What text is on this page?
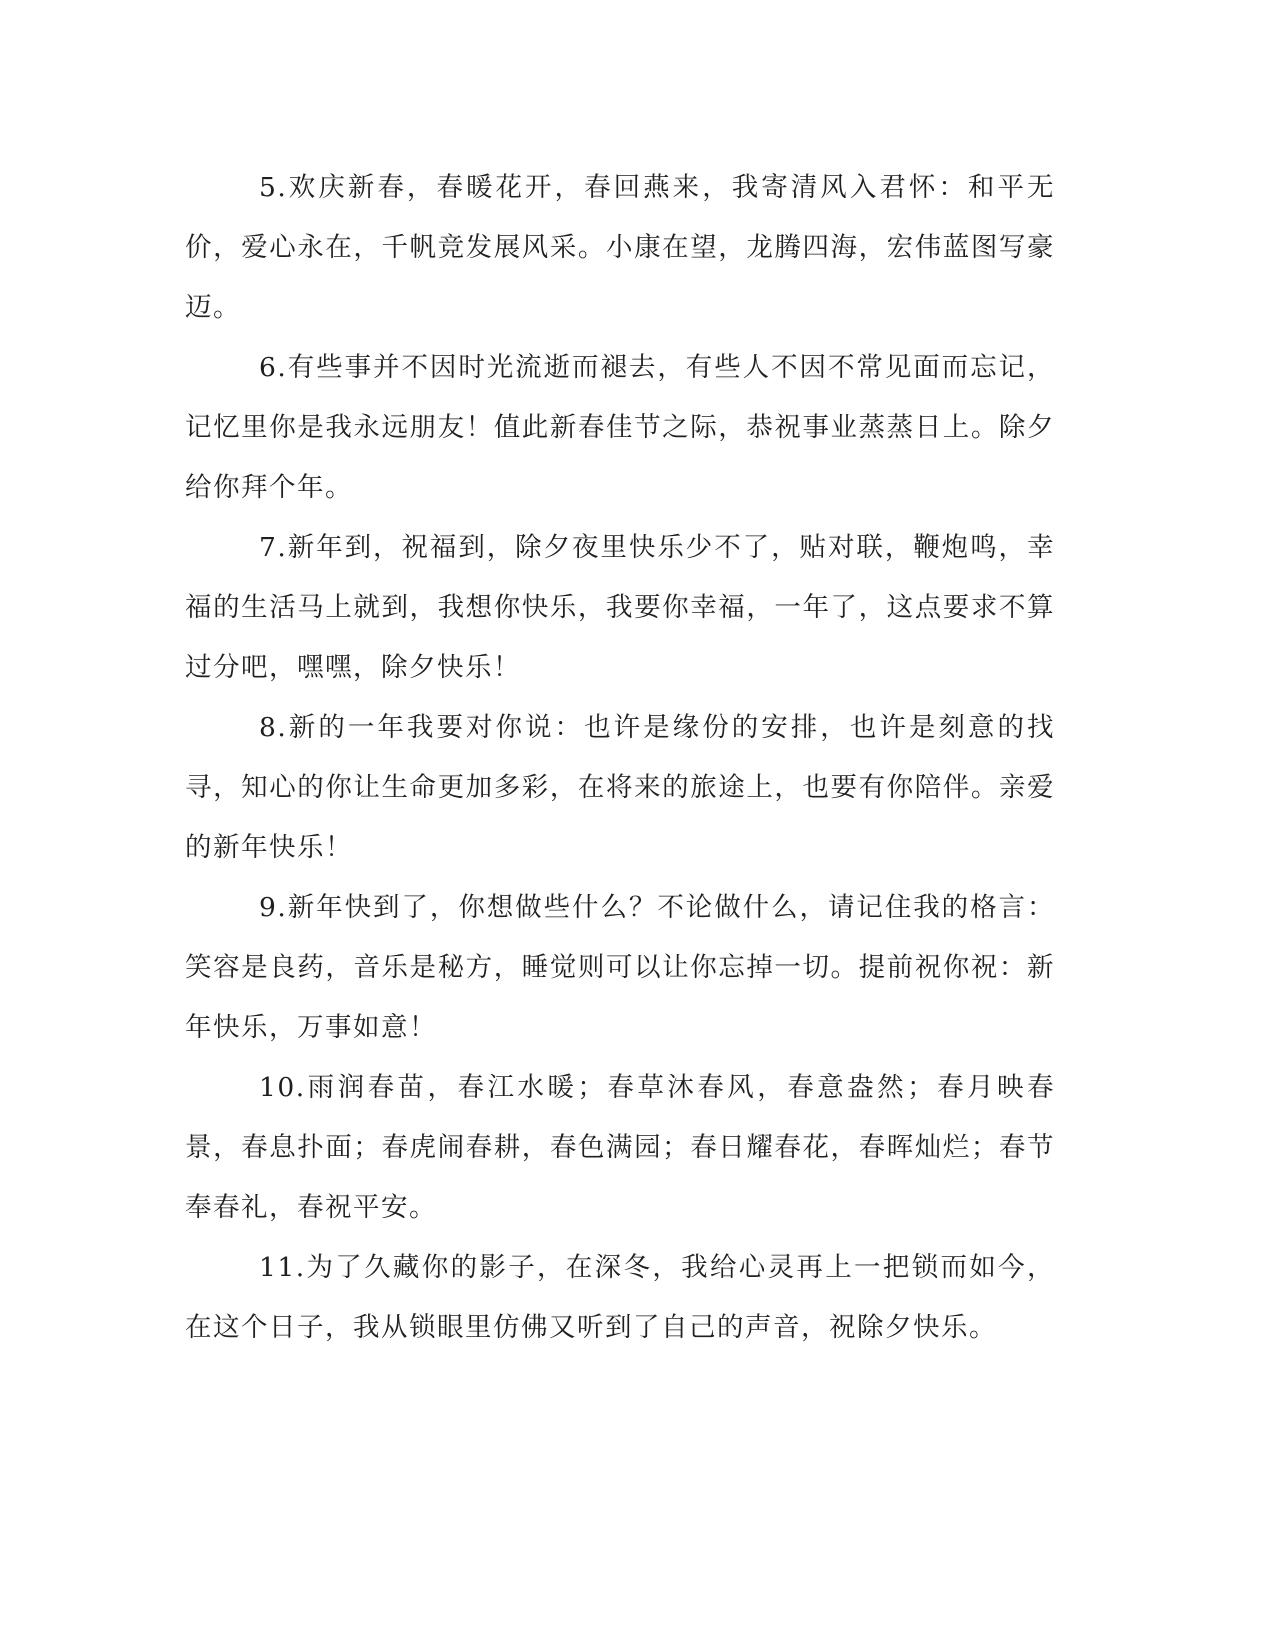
5.欢庆新春，春暖花开，春回燕来，我寄清风入君怀：和平无价，爱心永在，千帆竞发展风采。小康在望，龙腾四海，宏伟蓝图写豪迈。

6.有些事并不因时光流逝而褪去，有些人不因不常见面而忘记，记忆里你是我永远朋友！值此新春佳节之际，恭祝事业蒸蒸日上。除夕给你拜个年。

7.新年到，祝福到，除夕夜里快乐少不了，贴对联，鞭炮鸣，幸福的生活马上就到，我想你快乐，我要你幸福，一年了，这点要求不算过分吧，嘿嘿，除夕快乐！

8.新的一年我要对你说：也许是缘份的安排，也许是刻意的找寻，知心的你让生命更加多彩，在将来的旅途上，也要有你陪伴。亲爱的新年快乐！

9.新年快到了，你想做些什么？不论做什么，请记住我的格言：笑容是良药，音乐是秘方，睡觉则可以让你忘掉一切。提前祝你祝：新年快乐，万事如意！

10.雨润春苗，春江水暖；春草沐春风，春意盎然；春月映春景，春息扑面；春虎闹春耕，春色满园；春日耀春花，春晖灿烂；春节奉春礼，春祝平安。

11.为了久藏你的影子，在深冬，我给心灵再上一把锁而如今，在这个日子，我从锁眼里仿佛又听到了自己的声音，祝除夕快乐。
